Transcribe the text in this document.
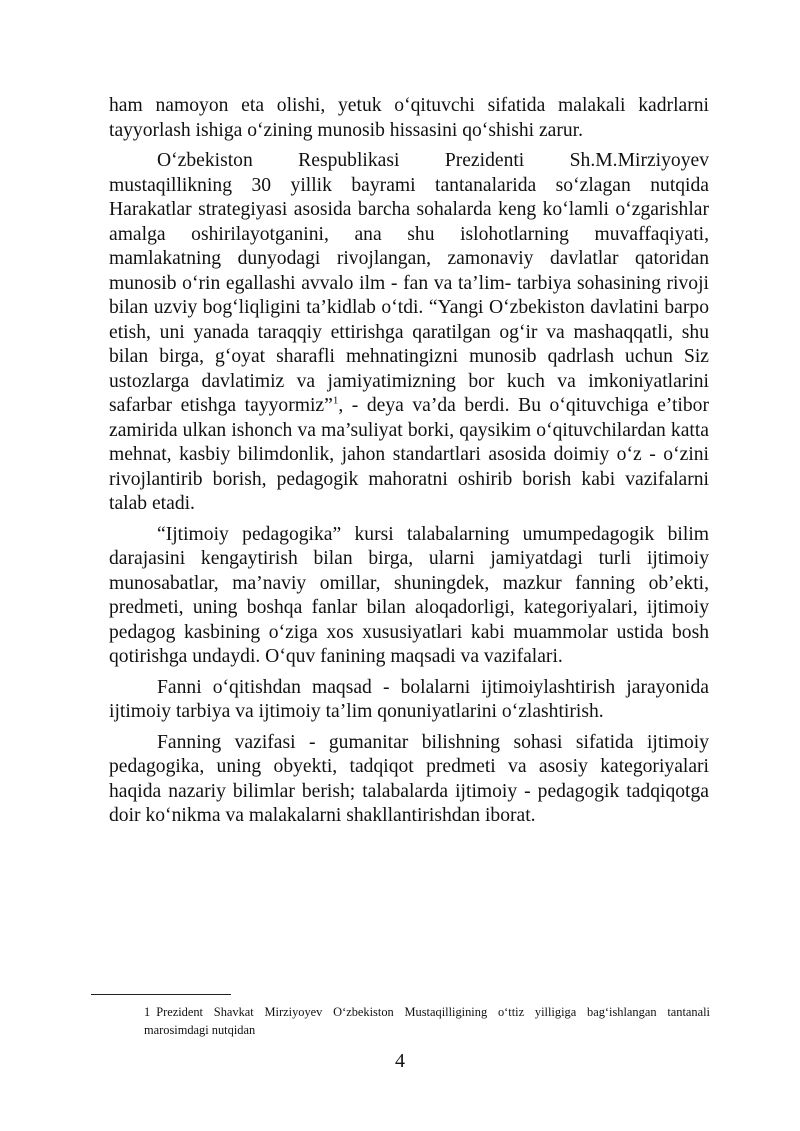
ham namoyon eta olishi, yetuk o‘qituvchi sifatida malakali kadrlarni tayyorlash ishiga o‘zining munosib hissasini qo‘shishi zarur.

O‘zbekiston Respublikasi Prezidenti Sh.M.Mirziyoyev mustaqillikning 30 yillik bayrami tantanalarida so‘zlagan nutqida Harakatlar strategiyasi asosida barcha sohalarda keng ko‘lamli o‘zgarishlar amalga oshirilayotganini, ana shu islohotlarning muvaffaqiyati, mamlakatning dunyodagi rivojlangan, zamonaviy davlatlar qatoridan munosib o‘rin egallashi avvalo ilm - fan va ta’lim- tarbiya sohasining rivoji bilan uzviy bog‘liqligini ta’kidlab o‘tdi. “Yangi O‘zbekiston davlatini barpo etish, uni yanada taraqqiy ettirishga qaratilgan og‘ir va mashaqqatli, shu bilan birga, g‘oyat sharafli mehnatingizni munosib qadrlash uchun Siz ustozlarga davlatimiz va jamiyatimizning bor kuch va imkoniyatlarini safarbar etishga tayyormiz”$^1$, - deya va’da berdi. Bu o‘qituvchiga e’tibor zamirida ulkan ishonch va ma’suliyat borki, qaysikim o‘qituvchilardan katta mehnat, kasbiy bilimdonlik, jahon standartlari asosida doimiy o‘z - o‘zini rivojlantirib borish, pedagogik mahoratni oshirib borish kabi vazifalarni talab etadi.

“Ijtimoiy pedagogika” kursi talabalarning umumpedagogik bilim darajasini kengaytirish bilan birga, ularni jamiyatdagi turli ijtimoiy munosabatlar, ma’naviy omillar, shuningdek, mazkur fanning ob’ekti, predmeti, uning boshqa fanlar bilan aloqadorligi, kategoriyalari, ijtimoiy pedagog kasbining o‘ziga xos xususiyatlari kabi muammolar ustida bosh qotirishga undaydi. O‘quv fanining maqsadi va vazifalari.

Fanni o‘qitishdan maqsad - bolalarni ijtimoiylashtirish jarayonida ijtimoiy tarbiya va ijtimoiy ta’lim qonuniyatlarini o‘zlashtirish.

Fanning vazifasi - gumanitar bilishning sohasi sifatida ijtimoiy pedagogika, uning obyekti, tadqiqot predmeti va asosiy kategoriyalari haqida nazariy bilimlar berish; talabalarda ijtimoiy - pedagogik tadqiqotga doir ko‘nikma va malakalarni shakllantirishdan iborat.

1 Prezident Shavkat Mirziyoyev O‘zbekiston Mustaqilligining o‘ttiz yilligiga bag‘ishlangan tantanali marosimdagi nutqidan

4
